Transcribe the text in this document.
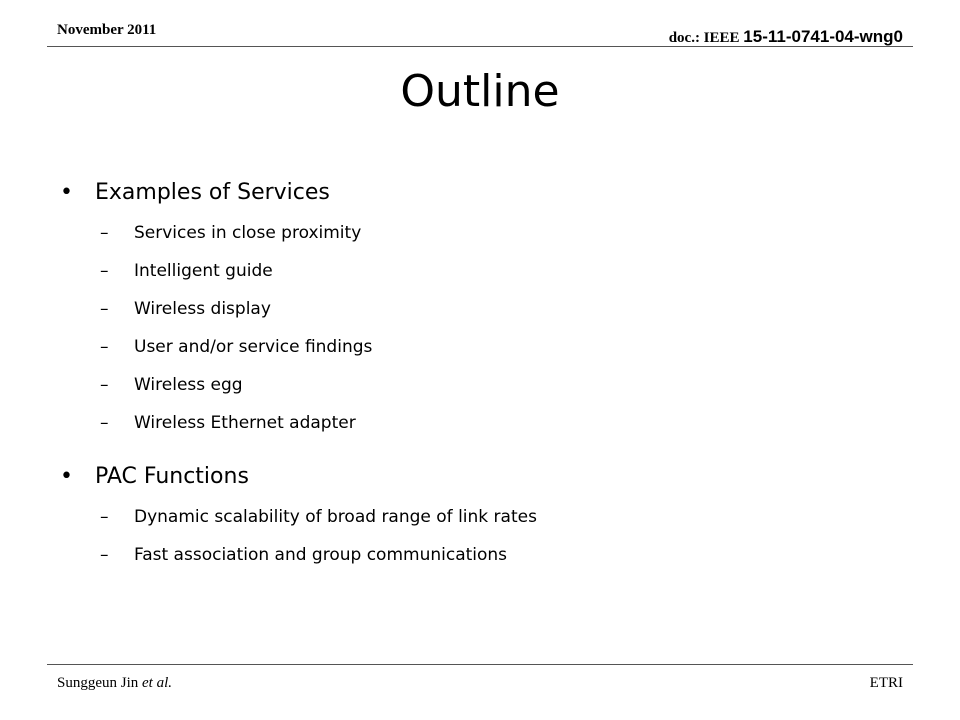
November 2011	doc.: IEEE 15-11-0741-04-wng0
Outline
• Examples of Services
– Services in close proximity
– Intelligent guide
– Wireless display
– User and/or service findings
– Wireless egg
– Wireless Ethernet adapter
• PAC Functions
– Dynamic scalability of broad range of link rates
– Fast association and group communications
Sunggeun Jin et al.	ETRI
